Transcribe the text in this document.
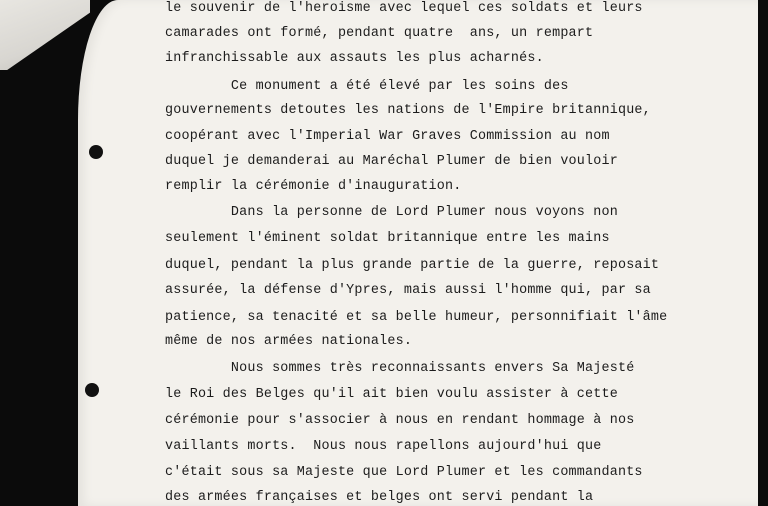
le souvenir de l'heroisme avec lequel ces soldats et leurs
camarades ont formé, pendant quatre  ans, un rempart
infranchissable aux assauts les plus acharnés.
Ce monument a été élevé par les soins des
gouvernements detoutes les nations de l'Empire britannique,
coopérant avec l'Imperial War Graves Commission au nom
duquel je demanderai au Maréchal Plumer de bien vouloir
remplir la cérémonie d'inauguration.
Dans la personne de Lord Plumer nous voyons non
seulement l'éminent soldat britannique entre les mains
duquel, pendant la plus grande partie de la guerre, reposait
assurée, la défense d'Ypres, mais aussi l'homme qui, par sa
patience, sa tenacité et sa belle humeur, personnifiait l'âme
même de nos armées nationales.
Nous sommes très reconnaissants envers Sa Majesté
le Roi des Belges qu'il ait bien voulu assister à cette
cérémonie pour s'associer à nous en rendant hommage à nos
vaillants morts.  Nous nous rapellons aujourd'hui que
c'était sous sa Majeste que Lord Plumer et les commandants
des armées françaises et belges ont servi pendant la
